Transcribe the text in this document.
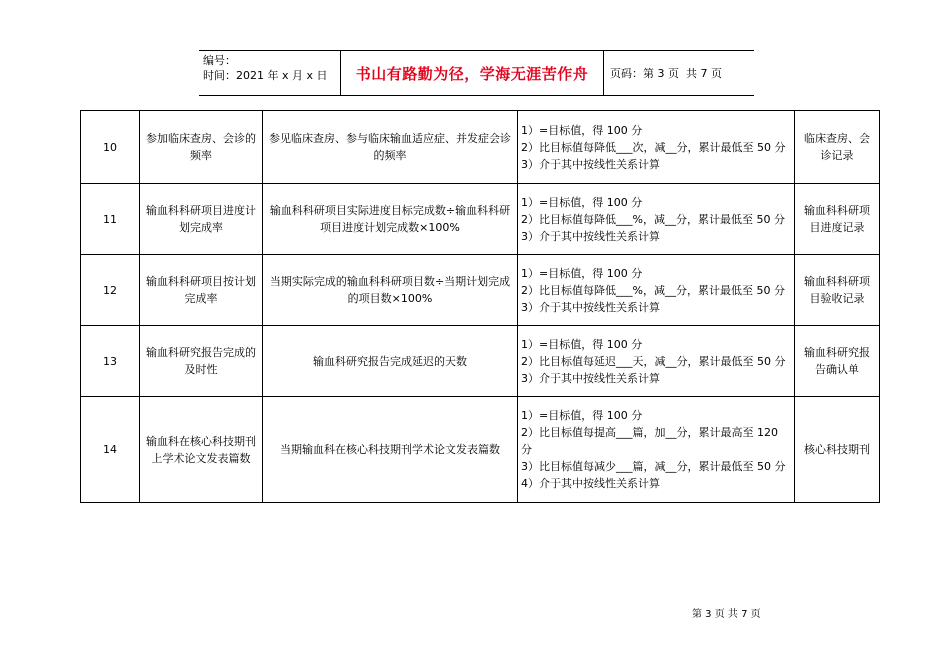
编号：
时间：2021 年 x 月 x 日	书山有路勤为径，学海无涯苦作舟	页码：第 3 页  共 7 页
10	参加临床查房、会诊的频率	参见临床查房、参与临床输血适应症、并发症会诊的频率	1）=目标值，得 100 分
2）比目标值每降低___次，减__分，累计最低至 50 分
3）介于其中按线性关系计算	临床查房、会诊记录
11	输血科科研项目进度计划完成率	输血科科研项目实际进度目标完成数÷输血科科研项目进度计划完成数×100%	1）=目标值，得 100 分
2）比目标值每降低___%，减__分，累计最低至 50 分
3）介于其中按线性关系计算	输血科科研项目进度记录
12	输血科科研项目按计划完成率	当期实际完成的输血科科研项目数÷当期计划完成的项目数×100%	1）=目标值，得 100 分
2）比目标值每降低___%，减__分，累计最低至 50 分
3）介于其中按线性关系计算	输血科科研项目验收记录
13	输血科研究报告完成的及时性	输血科研究报告完成延迟的天数	1）=目标值，得 100 分
2）比目标值每延迟___天，减__分，累计最低至 50 分
3）介于其中按线性关系计算	输血科研究报告确认单
14	输血科在核心科技期刊上学术论文发表篇数	当期输血科在核心科技期刊学术论文发表篇数	1）=目标值，得 100 分
2）比目标值每提高___篇，加__分，累计最高至 120 分
3）比目标值每减少___篇，减__分，累计最低至 50 分
4）介于其中按线性关系计算	核心科技期刊
第 3 页 共 7 页
